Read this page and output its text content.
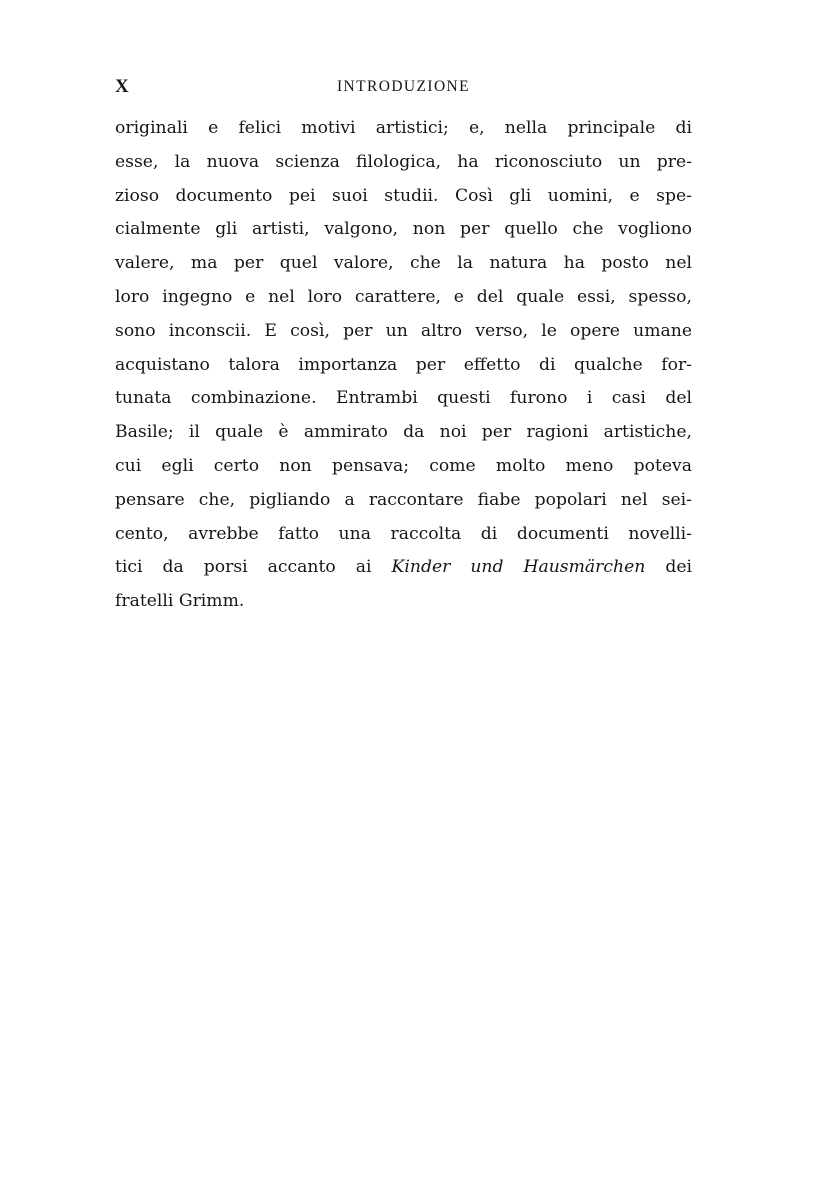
X	INTRODUZIONE
originali e felici motivi artistici; e, nella principale di
esse, la nuova scienza filologica, ha riconosciuto un pre-
zioso documento pei suoi studii. Così gli uomini, e spe-
cialmente gli artisti, valgono, non per quello che vogliono
valere, ma per quel valore, che la natura ha posto nel
loro ingegno e nel loro carattere, e del quale essi, spesso,
sono inconscii. E così, per un altro verso, le opere umane
acquistano talora importanza per effetto di qualche for-
tunata combinazione. Entrambi questi furono i casi del
Basile; il quale è ammirato da noi per ragioni artistiche,
cui egli certo non pensava; come molto meno poteva
pensare che, pigliando a raccontare fiabe popolari nel sei-
cento, avrebbe fatto una raccolta di documenti novelli-
tici da porsi accanto ai Kinder und Hausmärchen dei
fratelli Grimm.
